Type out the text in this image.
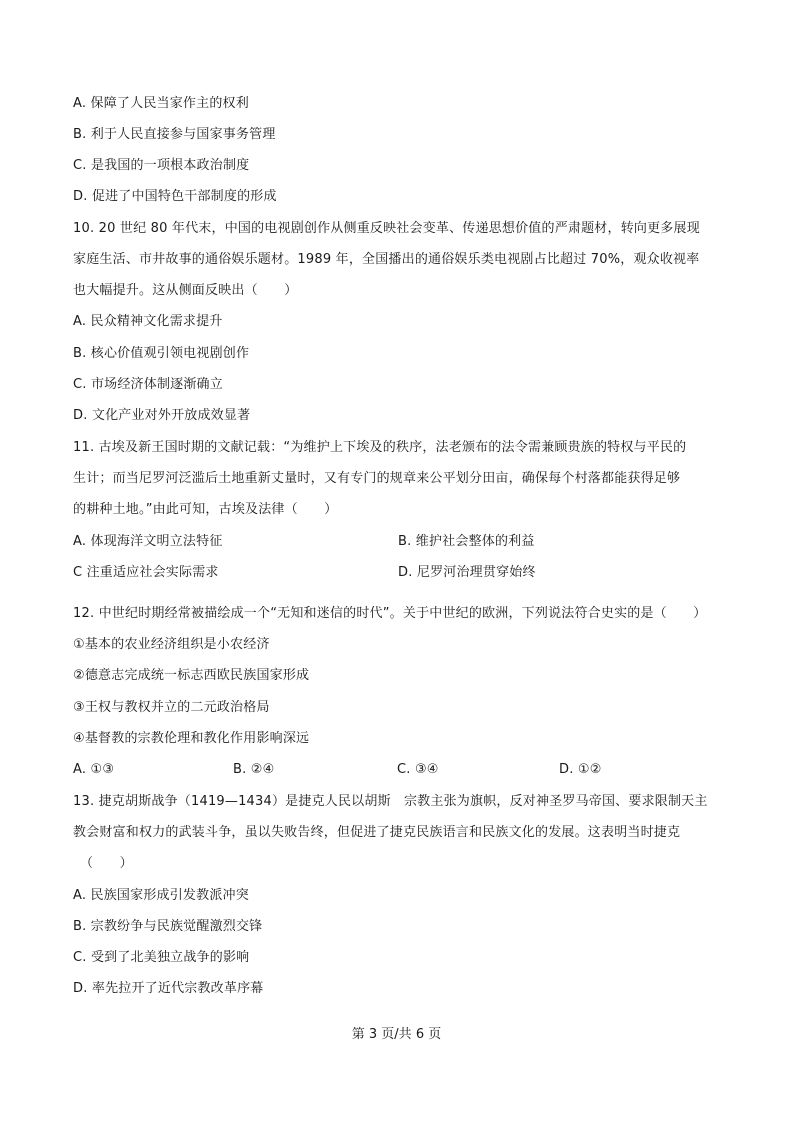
A. 保障了人民当家作主的权利
B. 利于人民直接参与国家事务管理
C. 是我国的一项根本政治制度
D. 促进了中国特色干部制度的形成
10. 20 世纪 80 年代末，中国的电视剧创作从侧重反映社会变革、传递思想价值的严肃题材，转向更多展现
家庭生活、市井故事的通俗娱乐题材。1989 年，全国播出的通俗娱乐类电视剧占比超过 70%，观众收视率
也大幅提升。这从侧面反映出（　　）
A. 民众精神文化需求提升
B. 核心价值观引领电视剧创作
C. 市场经济体制逐渐确立
D. 文化产业对外开放成效显著
11. 古埃及新王国时期的文献记载：“为维护上下埃及的秩序，法老颁布的法令需兼顾贵族的特权与平民的
生计；而当尼罗河泛滥后土地重新丈量时，又有专门的规章来公平划分田亩，确保每个村落都能获得足够
的耕种土地。”由此可知，古埃及法律（　　）
A. 体现海洋文明立法特征	B. 维护社会整体的利益
C 注重适应社会实际需求	D. 尼罗河治理贯穿始终
12. 中世纪时期经常被描绘成一个“无知和迷信的时代”。关于中世纪的欧洲，下列说法符合史实的是（　　）
①基本的农业经济组织是小农经济
②德意志完成统一标志西欧民族国家形成
③王权与教权并立的二元政治格局
④基督教的宗教伦理和教化作用影响深远
A. ①③	B. ②④	C. ③④	D. ①②
13. 捷克胡斯战争（1419—1434）是捷克人民以胡斯　宗教主张为旗帜，反对神圣罗马帝国、要求限制天主
教会财富和权力的武装斗争，虽以失败告终，但促进了捷克民族语言和民族文化的发展。这表明当时捷克
（　　）
A. 民族国家形成引发教派冲突
B. 宗教纷争与民族觉醒激烈交锋
C. 受到了北美独立战争的影响
D. 率先拉开了近代宗教改革序幕
第 3 页/共 6 页
